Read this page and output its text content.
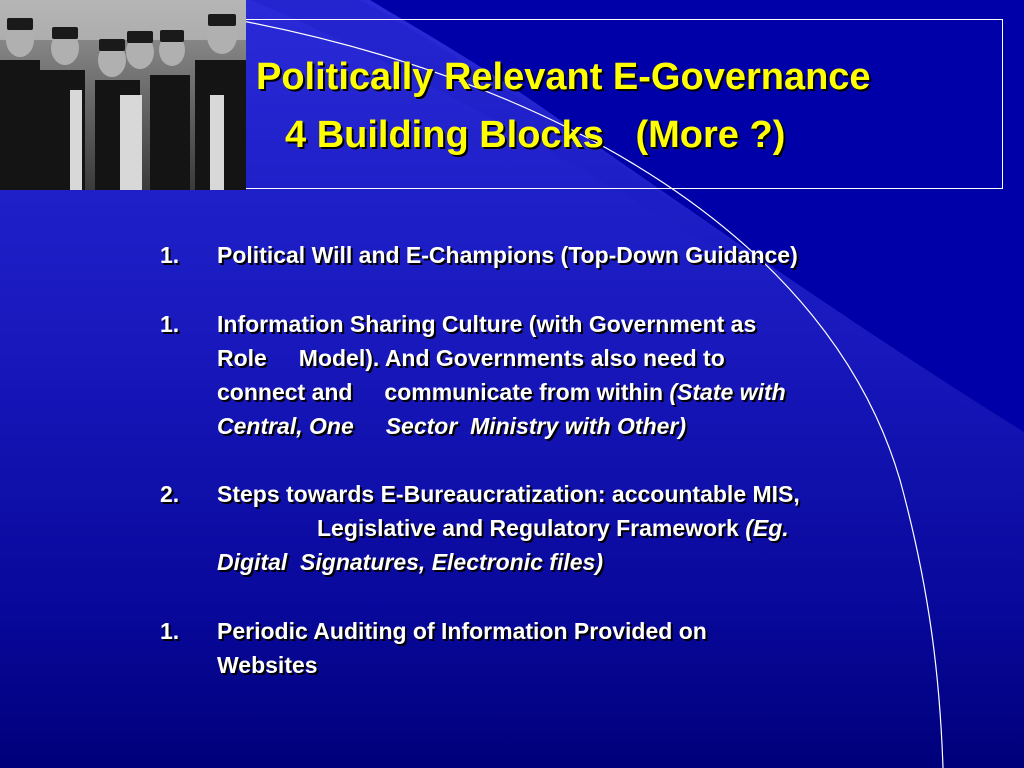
Politically Relevant E-Governance
4 Building Blocks   (More ?)
1. Political Will and E-Champions (Top-Down Guidance)
1. Information Sharing Culture (with Government as
Role     Model). And Governments also need to
connect and     communicate from within (State with
Central, One     Sector  Ministry with Other)
2. Steps towards E-Bureaucratization: accountable MIS,
Legislative and Regulatory Framework (Eg.
Digital  Signatures, Electronic files)
1. Periodic Auditing of Information Provided on
Websites
